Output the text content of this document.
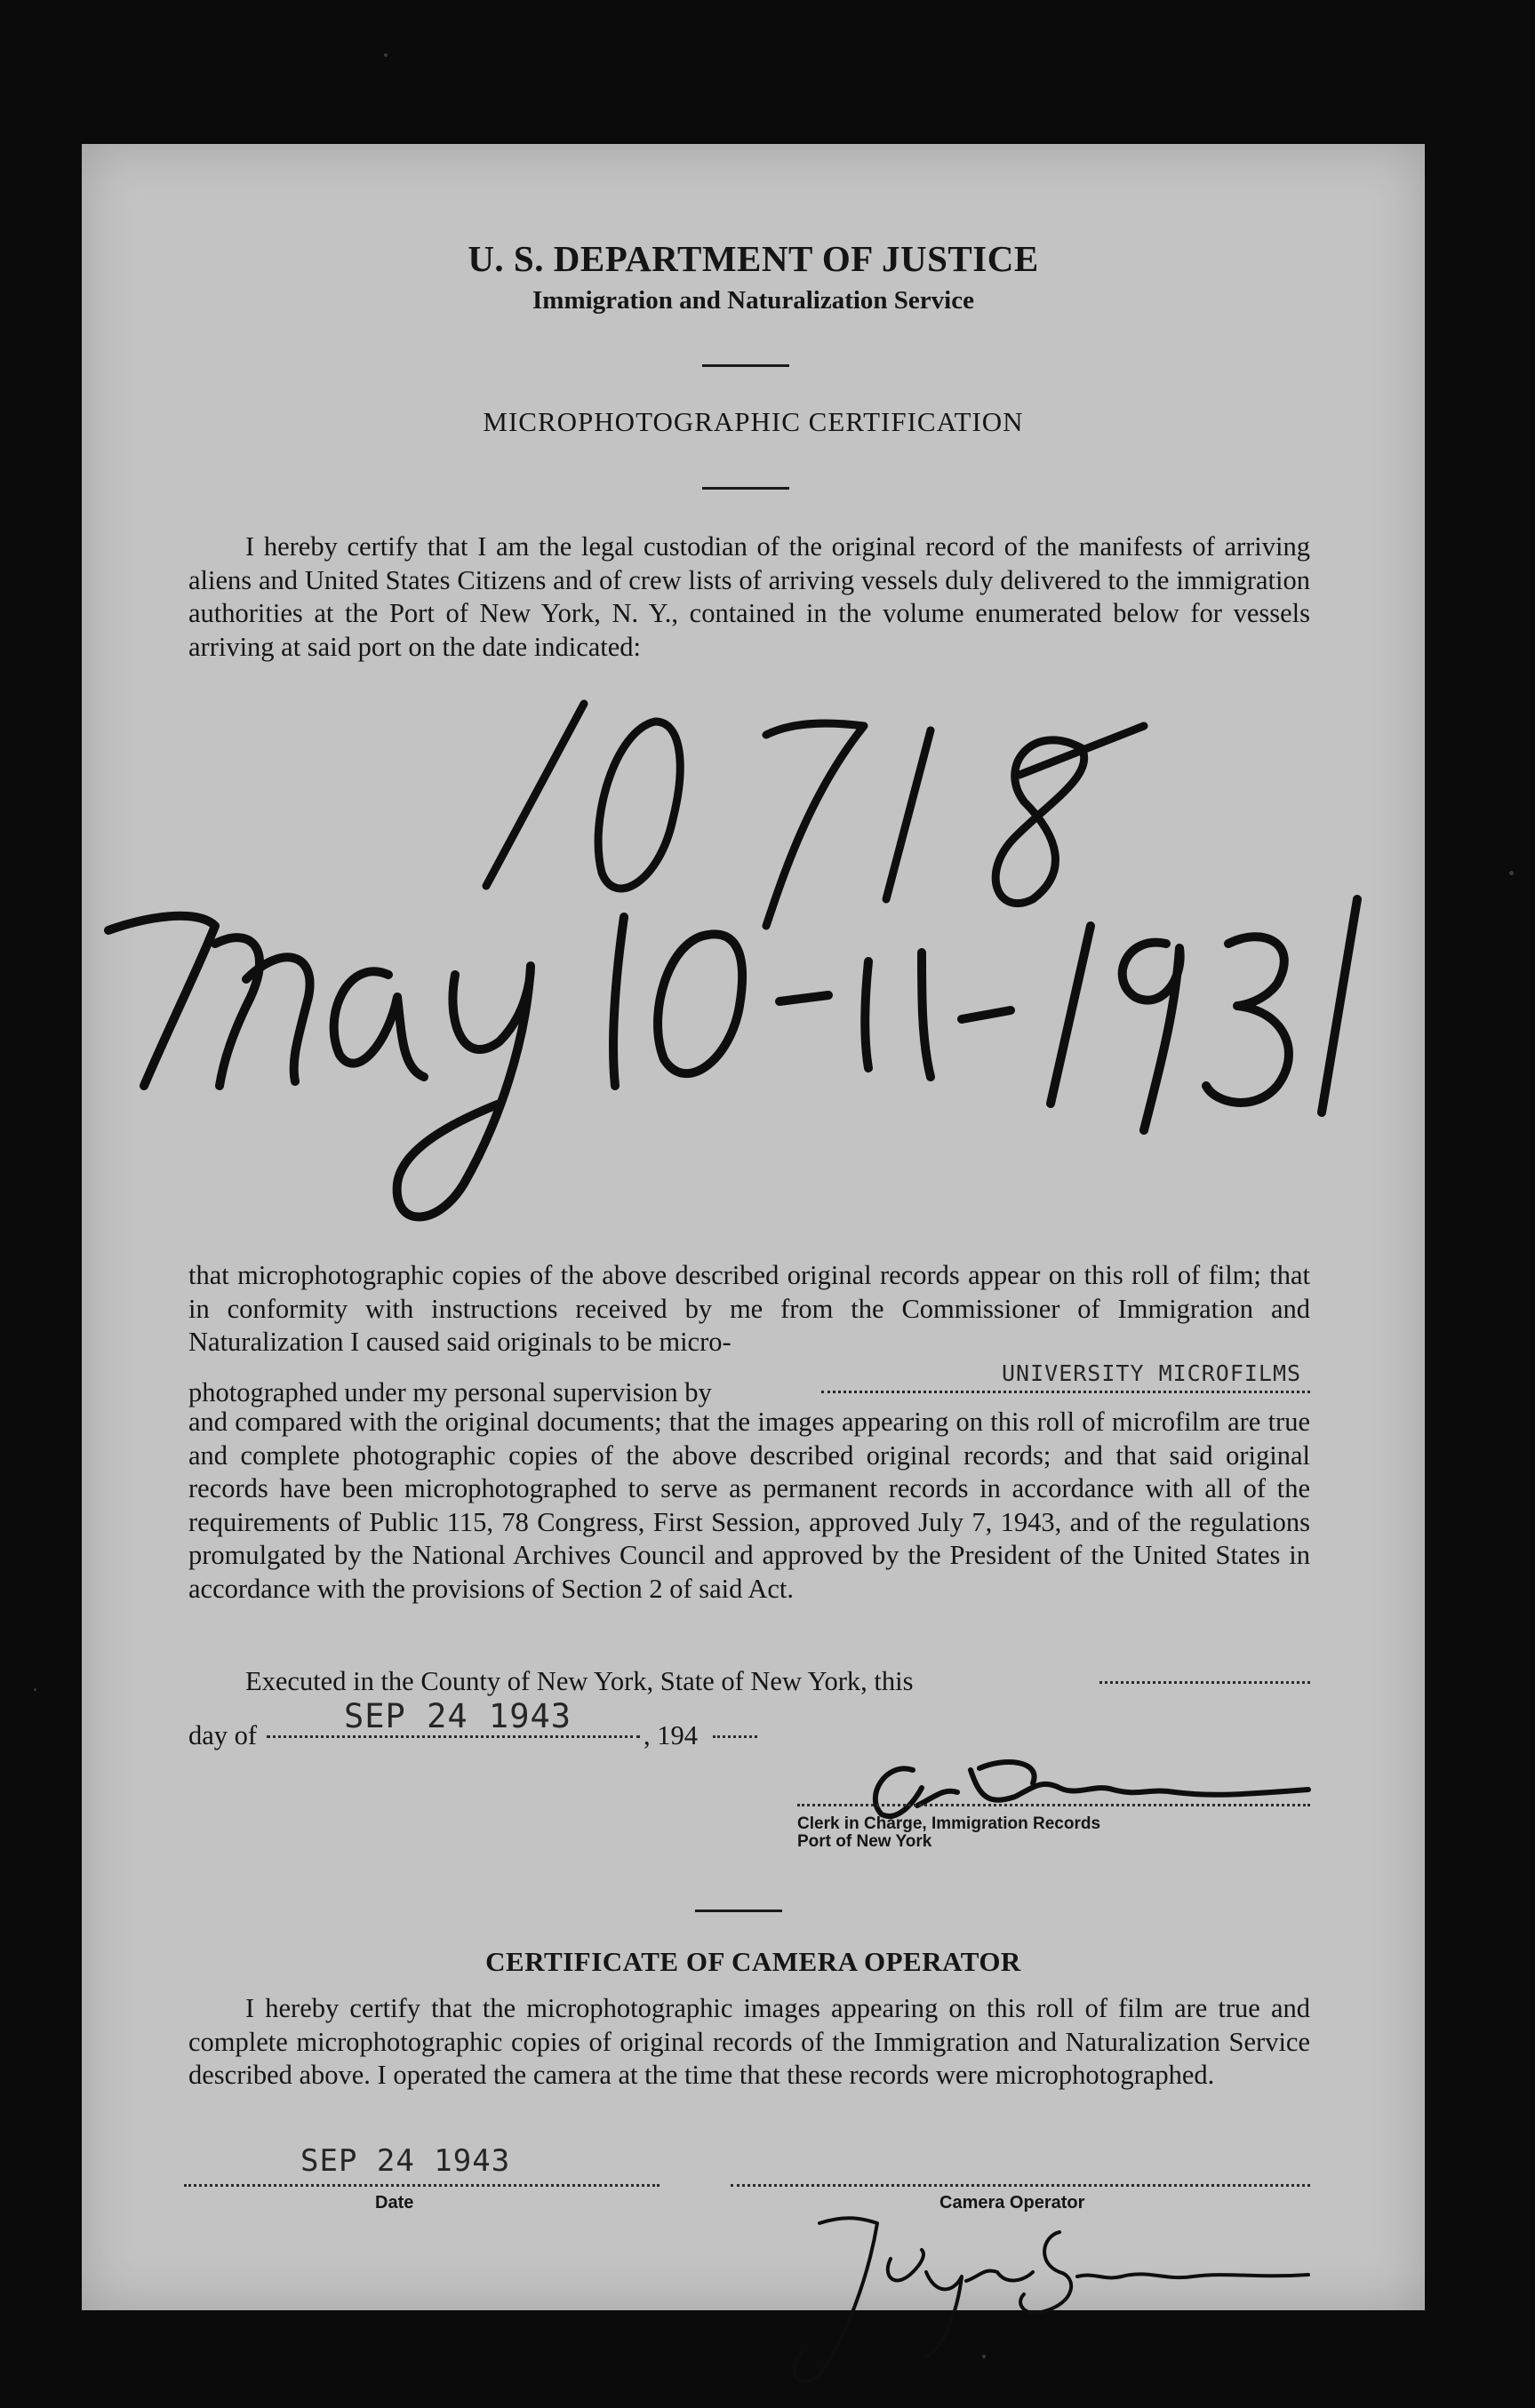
U. S. DEPARTMENT OF JUSTICE
Immigration and Naturalization Service
MICROPHOTOGRAPHIC CERTIFICATION

I hereby certify that I am the legal custodian of the original record of the manifests of arriving aliens and United States Citizens and of crew lists of arriving vessels duly delivered to the immigration authorities at the Port of New York, N. Y., contained in the volume enumerated below for vessels arriving at said port on the date indicated:

that microphotographic copies of the above described original records appear on this roll of film; that in conformity with instructions received by me from the Commissioner of Immigration and Naturalization I caused said originals to be micro-

photographed under my personal supervision by
UNIVERSITY MICROFILMS

and compared with the original documents; that the images appearing on this roll of microfilm are true and complete photographic copies of the above described original records; and that said original records have been microphotographed to serve as permanent records in accordance with all of the requirements of Public 115, 78 Congress, First Session, approved July 7, 1943, and of the regulations promulgated by the National Archives Council and approved by the President of the United States in accordance with the provisions of Section 2 of said Act.

Executed in the County of New York, State of New York, this
day of	SEP 24 1943	, 194
Clerk in Charge, Immigration Records
Port of New York
CERTIFICATE OF CAMERA OPERATOR

I hereby certify that the microphotographic images appearing on this roll of film are true and complete microphotographic copies of original records of the Immigration and Naturalization Service described above. I operated the camera at the time that these records were microphotographed.

SEP 24 1943
Date	Camera Operator
